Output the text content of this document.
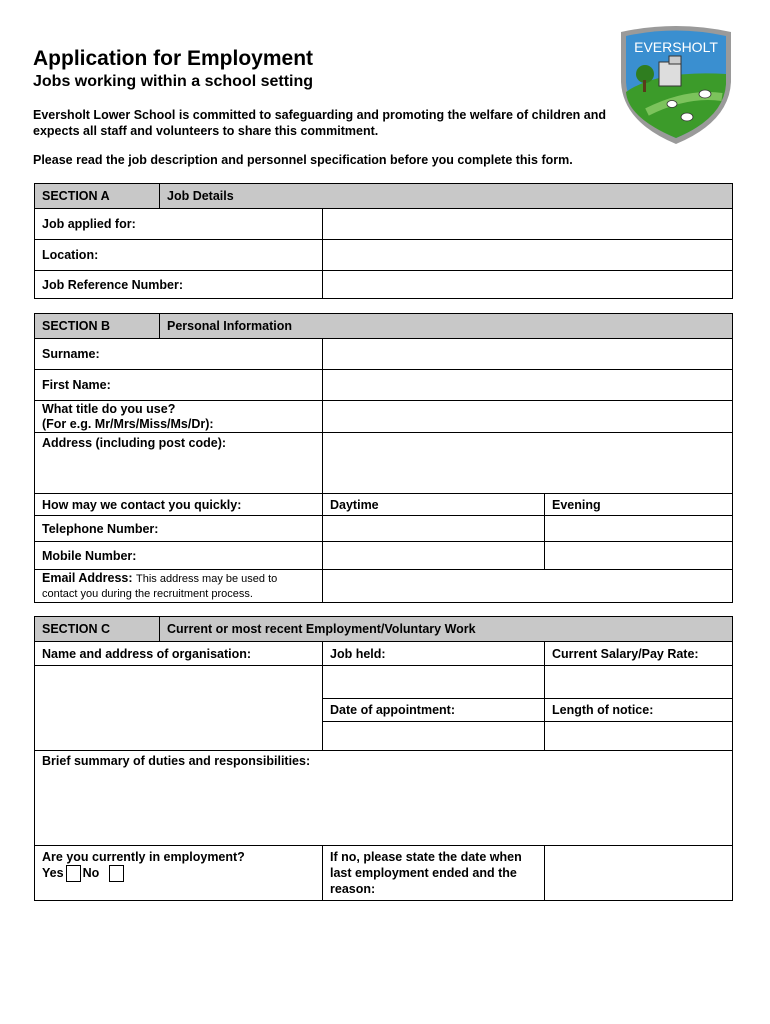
Application for Employment
Jobs working within a school setting

Eversholt Lower School is committed to safeguarding and promoting the welfare of children and expects all staff and volunteers to share this commitment.

Please read the job description and personnel specification before you complete this form.

EVERSHOLT
SECTION A	Job Details	
Job applied for:		
Location:		
Job Reference Number:		
SECTION B	Personal Information		
Surname:			
First Name:			

What title do you use?
(For e.g. Mr/Mrs/Miss/Ms/Dr):			

Address (including post code):			
How may we contact you quickly:		Daytime	Evening
Telephone Number:			
Mobile Number:			
Email Address: This address may be used to contact you during the recruitment process.			
SECTION C	Current or most recent Employment/Voluntary Work		
Name and address of organisation:		Job held:	Current Salary/Pay Rate:

		Date of appointment:	Length of notice:

Brief summary of duties and responsibilities:			

Are you currently in employment?
Yes No		If no, please state the date when last employment ended and the reason:	
